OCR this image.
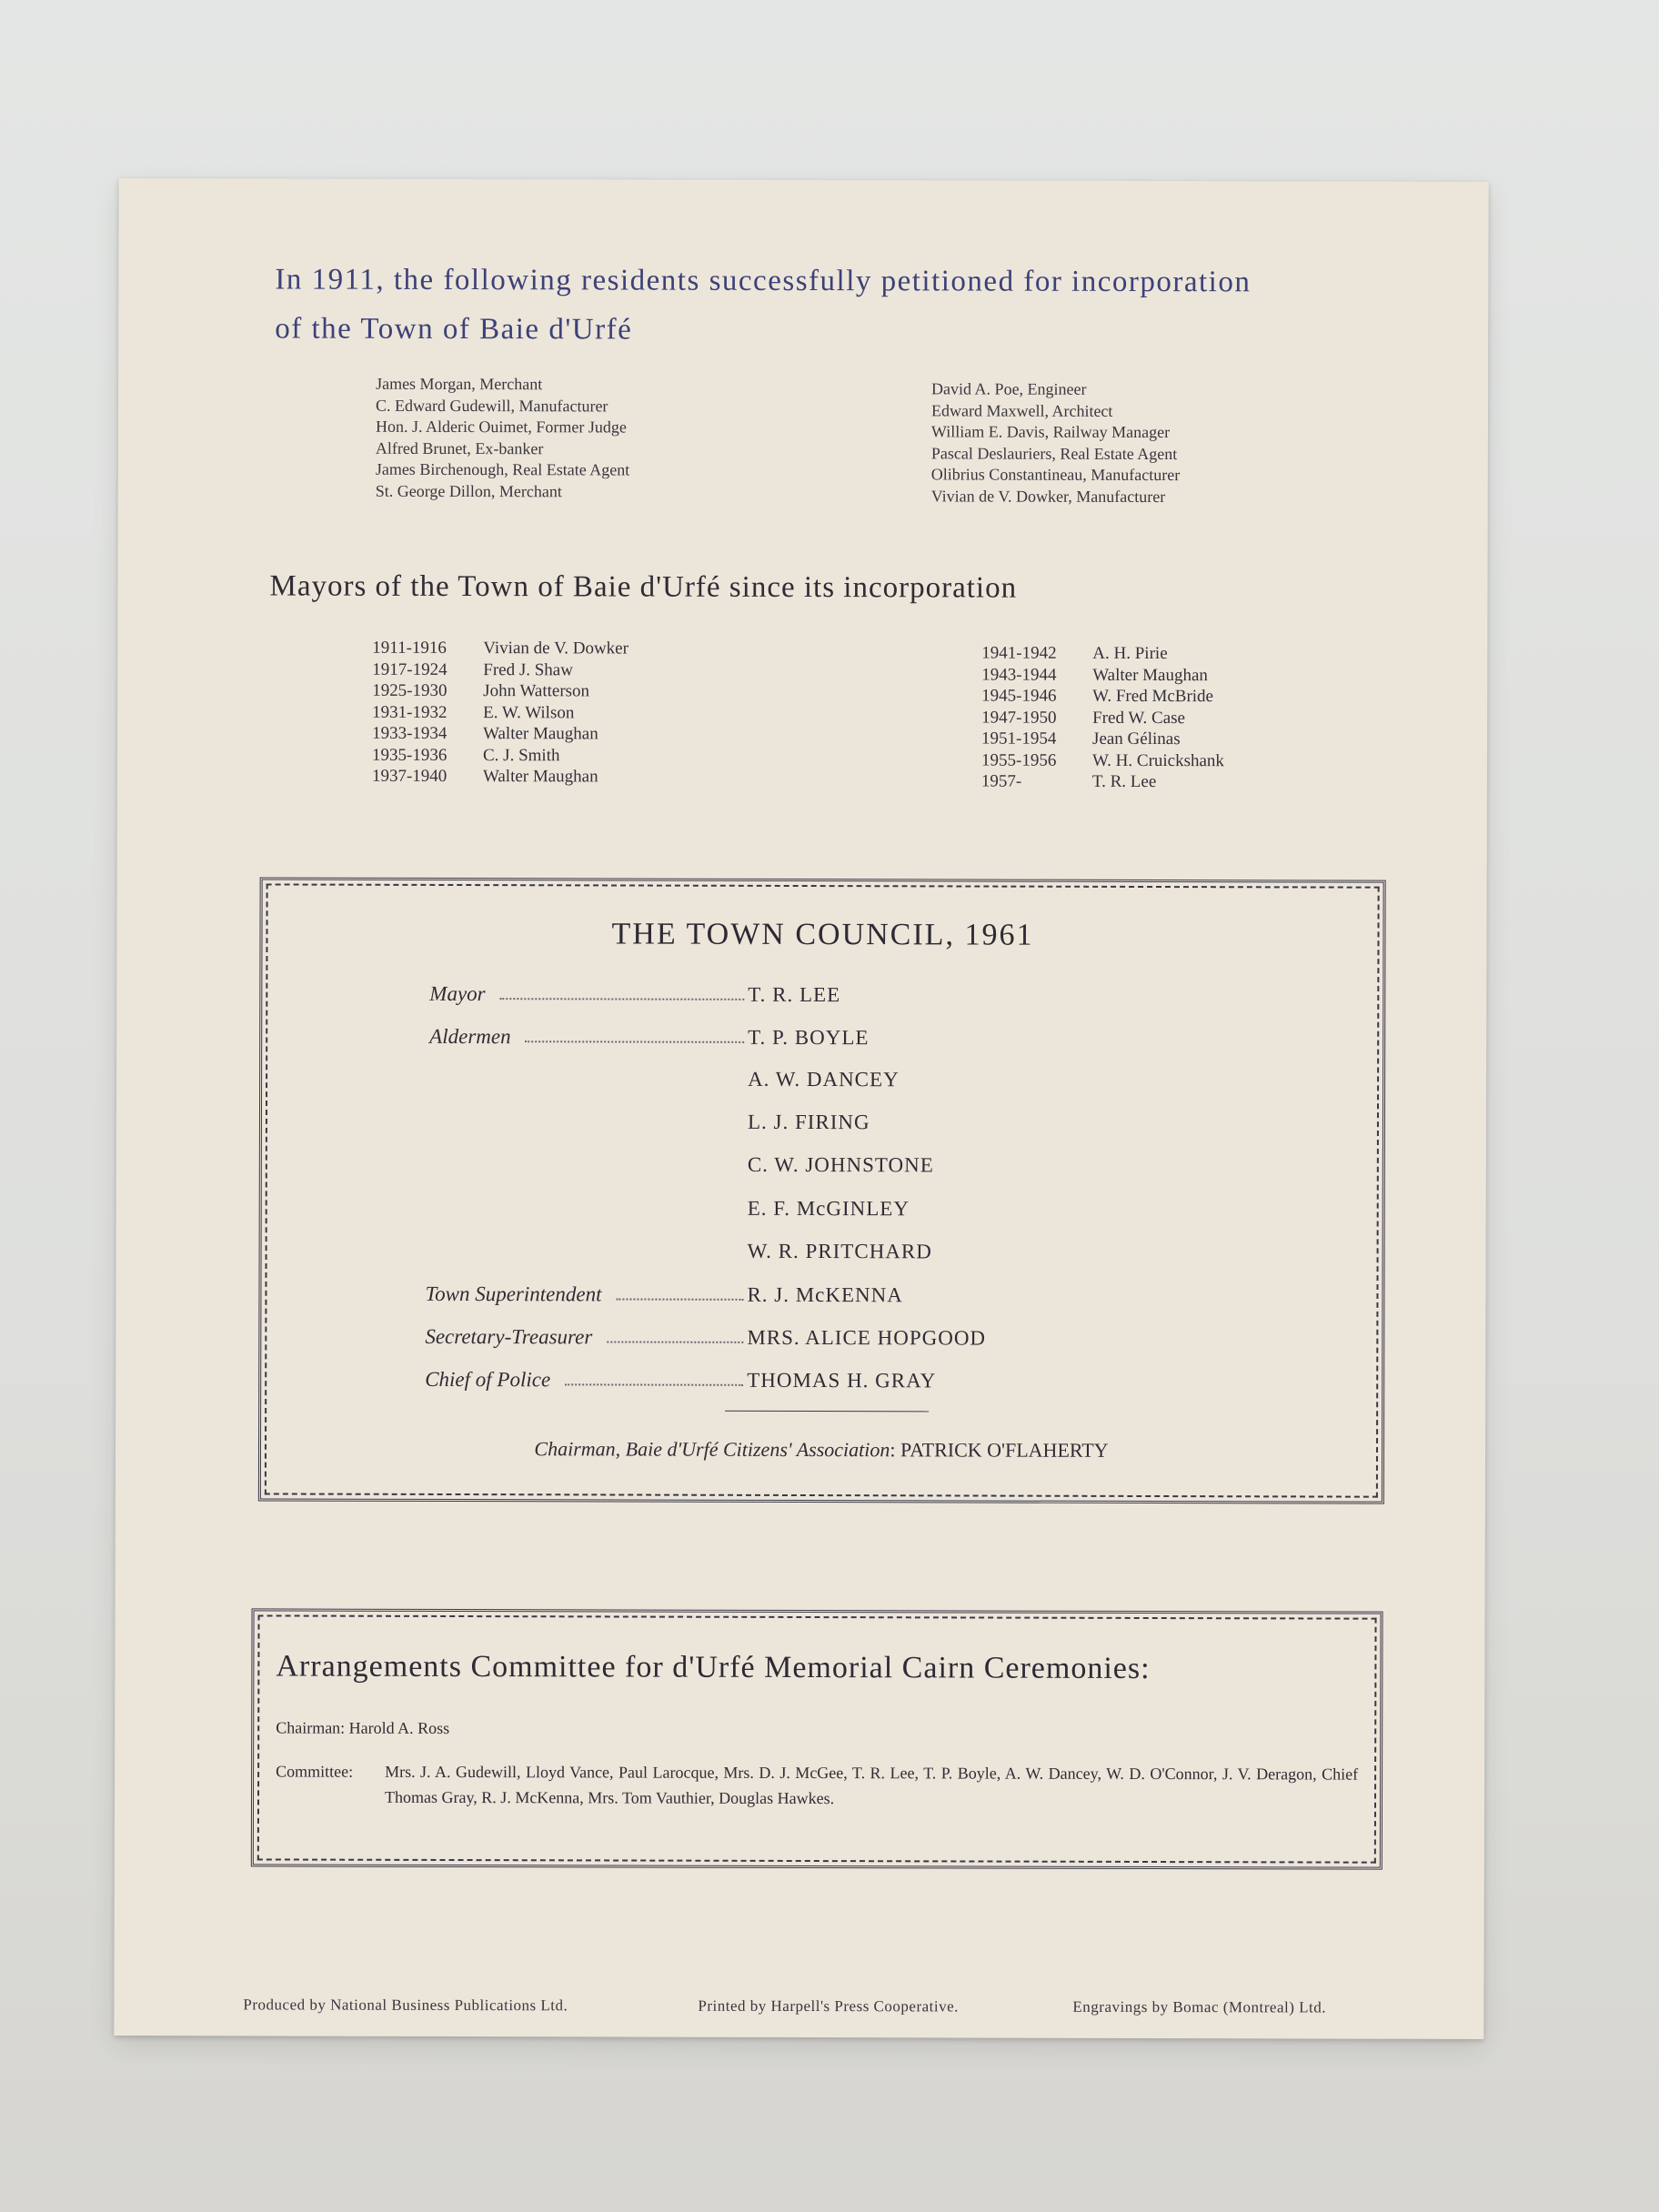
In 1911, the following residents successfully petitioned for incorporation
of the Town of Baie d'Urfé
James Morgan, Merchant
C. Edward Gudewill, Manufacturer
Hon. J. Alderic Ouimet, Former Judge
Alfred Brunet, Ex-banker
James Birchenough, Real Estate Agent
St. George Dillon, Merchant
David A. Poe, Engineer
Edward Maxwell, Architect
William E. Davis, Railway Manager
Pascal Deslauriers, Real Estate Agent
Olibrius Constantineau, Manufacturer
Vivian de V. Dowker, Manufacturer
Mayors of the Town of Baie d'Urfé since its incorporation
1911-1916	Vivian de V. Dowker
1917-1924	Fred J. Shaw
1925-1930	John Watterson
1931-1932	E. W. Wilson
1933-1934	Walter Maughan
1935-1936	C. J. Smith
1937-1940	Walter Maughan
1941-1942	A. H. Pirie
1943-1944	Walter Maughan
1945-1946	W. Fred McBride
1947-1950	Fred W. Case
1951-1954	Jean Gélinas
1955-1956	W. H. Cruickshank
1957-	T. R. Lee
THE TOWN COUNCIL, 1961
Mayor	T. R. LEE
Aldermen	T. P. BOYLE
A. W. DANCEY
L. J. FIRING
C. W. JOHNSTONE
E. F. McGINLEY
W. R. PRITCHARD
Town Superintendent	R. J. McKENNA
Secretary-Treasurer	MRS. ALICE HOPGOOD
Chief of Police	THOMAS H. GRAY
Chairman, Baie d'Urfé Citizens' Association: PATRICK O'FLAHERTY
Arrangements Committee for d'Urfé Memorial Cairn Ceremonies:
Chairman: Harold A. Ross
Committee:	Mrs. J. A. Gudewill, Lloyd Vance, Paul Larocque, Mrs. D. J. McGee, T. R. Lee, T. P. Boyle, A. W. Dancey, W. D. O'Connor, J. V. Deragon, Chief Thomas Gray, R. J. McKenna, Mrs. Tom Vauthier, Douglas Hawkes.
Produced by National Business Publications Ltd.	Printed by Harpell's Press Cooperative.	Engravings by Bomac (Montreal) Ltd.
